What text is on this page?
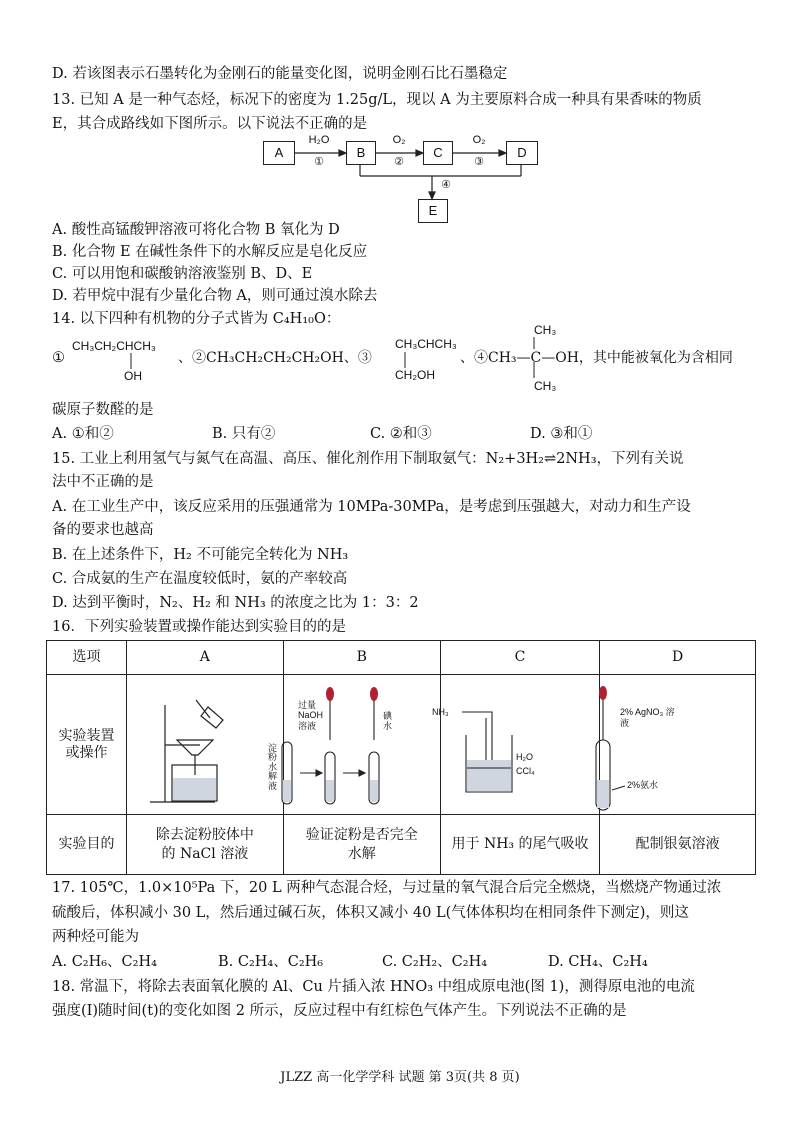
D. 若该图表示石墨转化为金刚石的能量变化图，说明金刚石比石墨稳定
13. 已知 A 是一种气态烃，标况下的密度为 1.25g/L，现以 A 为主要原料合成一种具有果香味的物质
E，其合成路线如下图所示。以下说法不正确的是
A	B	C	D
E
H₂O
①
O₂
②
O₂
③
④
A. 酸性高锰酸钾溶液可将化合物 B 氧化为 D
B. 化合物 E 在碱性条件下的水解反应是皂化反应
C. 可以用饱和碳酸钠溶液鉴别 B、D、E
D. 若甲烷中混有少量化合物 A，则可通过溴水除去
14. 以下四种有机物的分子式皆为 C₄H₁₀O：
①
CH₃CH₂CHCH₃
OH
、②CH₃CH₂CH₂CH₂OH、③
CH₃CHCH₃
CH₂OH
、④CH₃—C—OH，其中能被氧化为含相同
CH₃
CH₃
碳原子数醛的是
A. ①和②	B. 只有②	C. ②和③	D. ③和①
15. 工业上利用氢气与氮气在高温、高压、催化剂作用下制取氨气：N₂+3H₂⇌2NH₃，下列有关说
法中不正确的是
A. 在工业生产中，该反应采用的压强通常为 10MPa-30MPa，是考虑到压强越大，对动力和生产设
备的要求也越高
B. 在上述条件下，H₂ 不可能完全转化为 NH₃
C. 合成氨的生产在温度较低时，氨的产率较高
D. 达到平衡时，N₂、H₂ 和 NH₃ 的浓度之比为 1：3：2
16．下列实验装置或操作能达到实验目的的是
选项	A	B	C	D
实验装置或操作				
实验目的	除去淀粉胶体中的 NaCl 溶液	验证淀粉是否完全水解	用于 NH₃ 的尾气吸收	配制银氨溶液
过量 NaOH 溶液
碘水
淀粉水解液
NH₃
H₂O
CCl₄
2% AgNO₃ 溶液
2%氨水
17. 105℃，1.0×10⁵Pa 下，20 L 两种气态混合烃，与过量的氧气混合后完全燃烧，当燃烧产物通过浓
硫酸后，体积减小 30 L，然后通过碱石灰，体积又减小 40 L(气体体积均在相同条件下测定)，则这
两种烃可能为
A. C₂H₆、C₂H₄	B. C₂H₄、C₂H₆	C. C₂H₂、C₂H₄	D. CH₄、C₂H₄
18. 常温下，将除去表面氧化膜的 Al、Cu 片插入浓 HNO₃ 中组成原电池(图 1)，测得原电池的电流
强度(I)随时间(t)的变化如图 2 所示，反应过程中有红棕色气体产生。下列说法不正确的是
JLZZ 高一化学学科 试题 第 3页(共 8 页)
